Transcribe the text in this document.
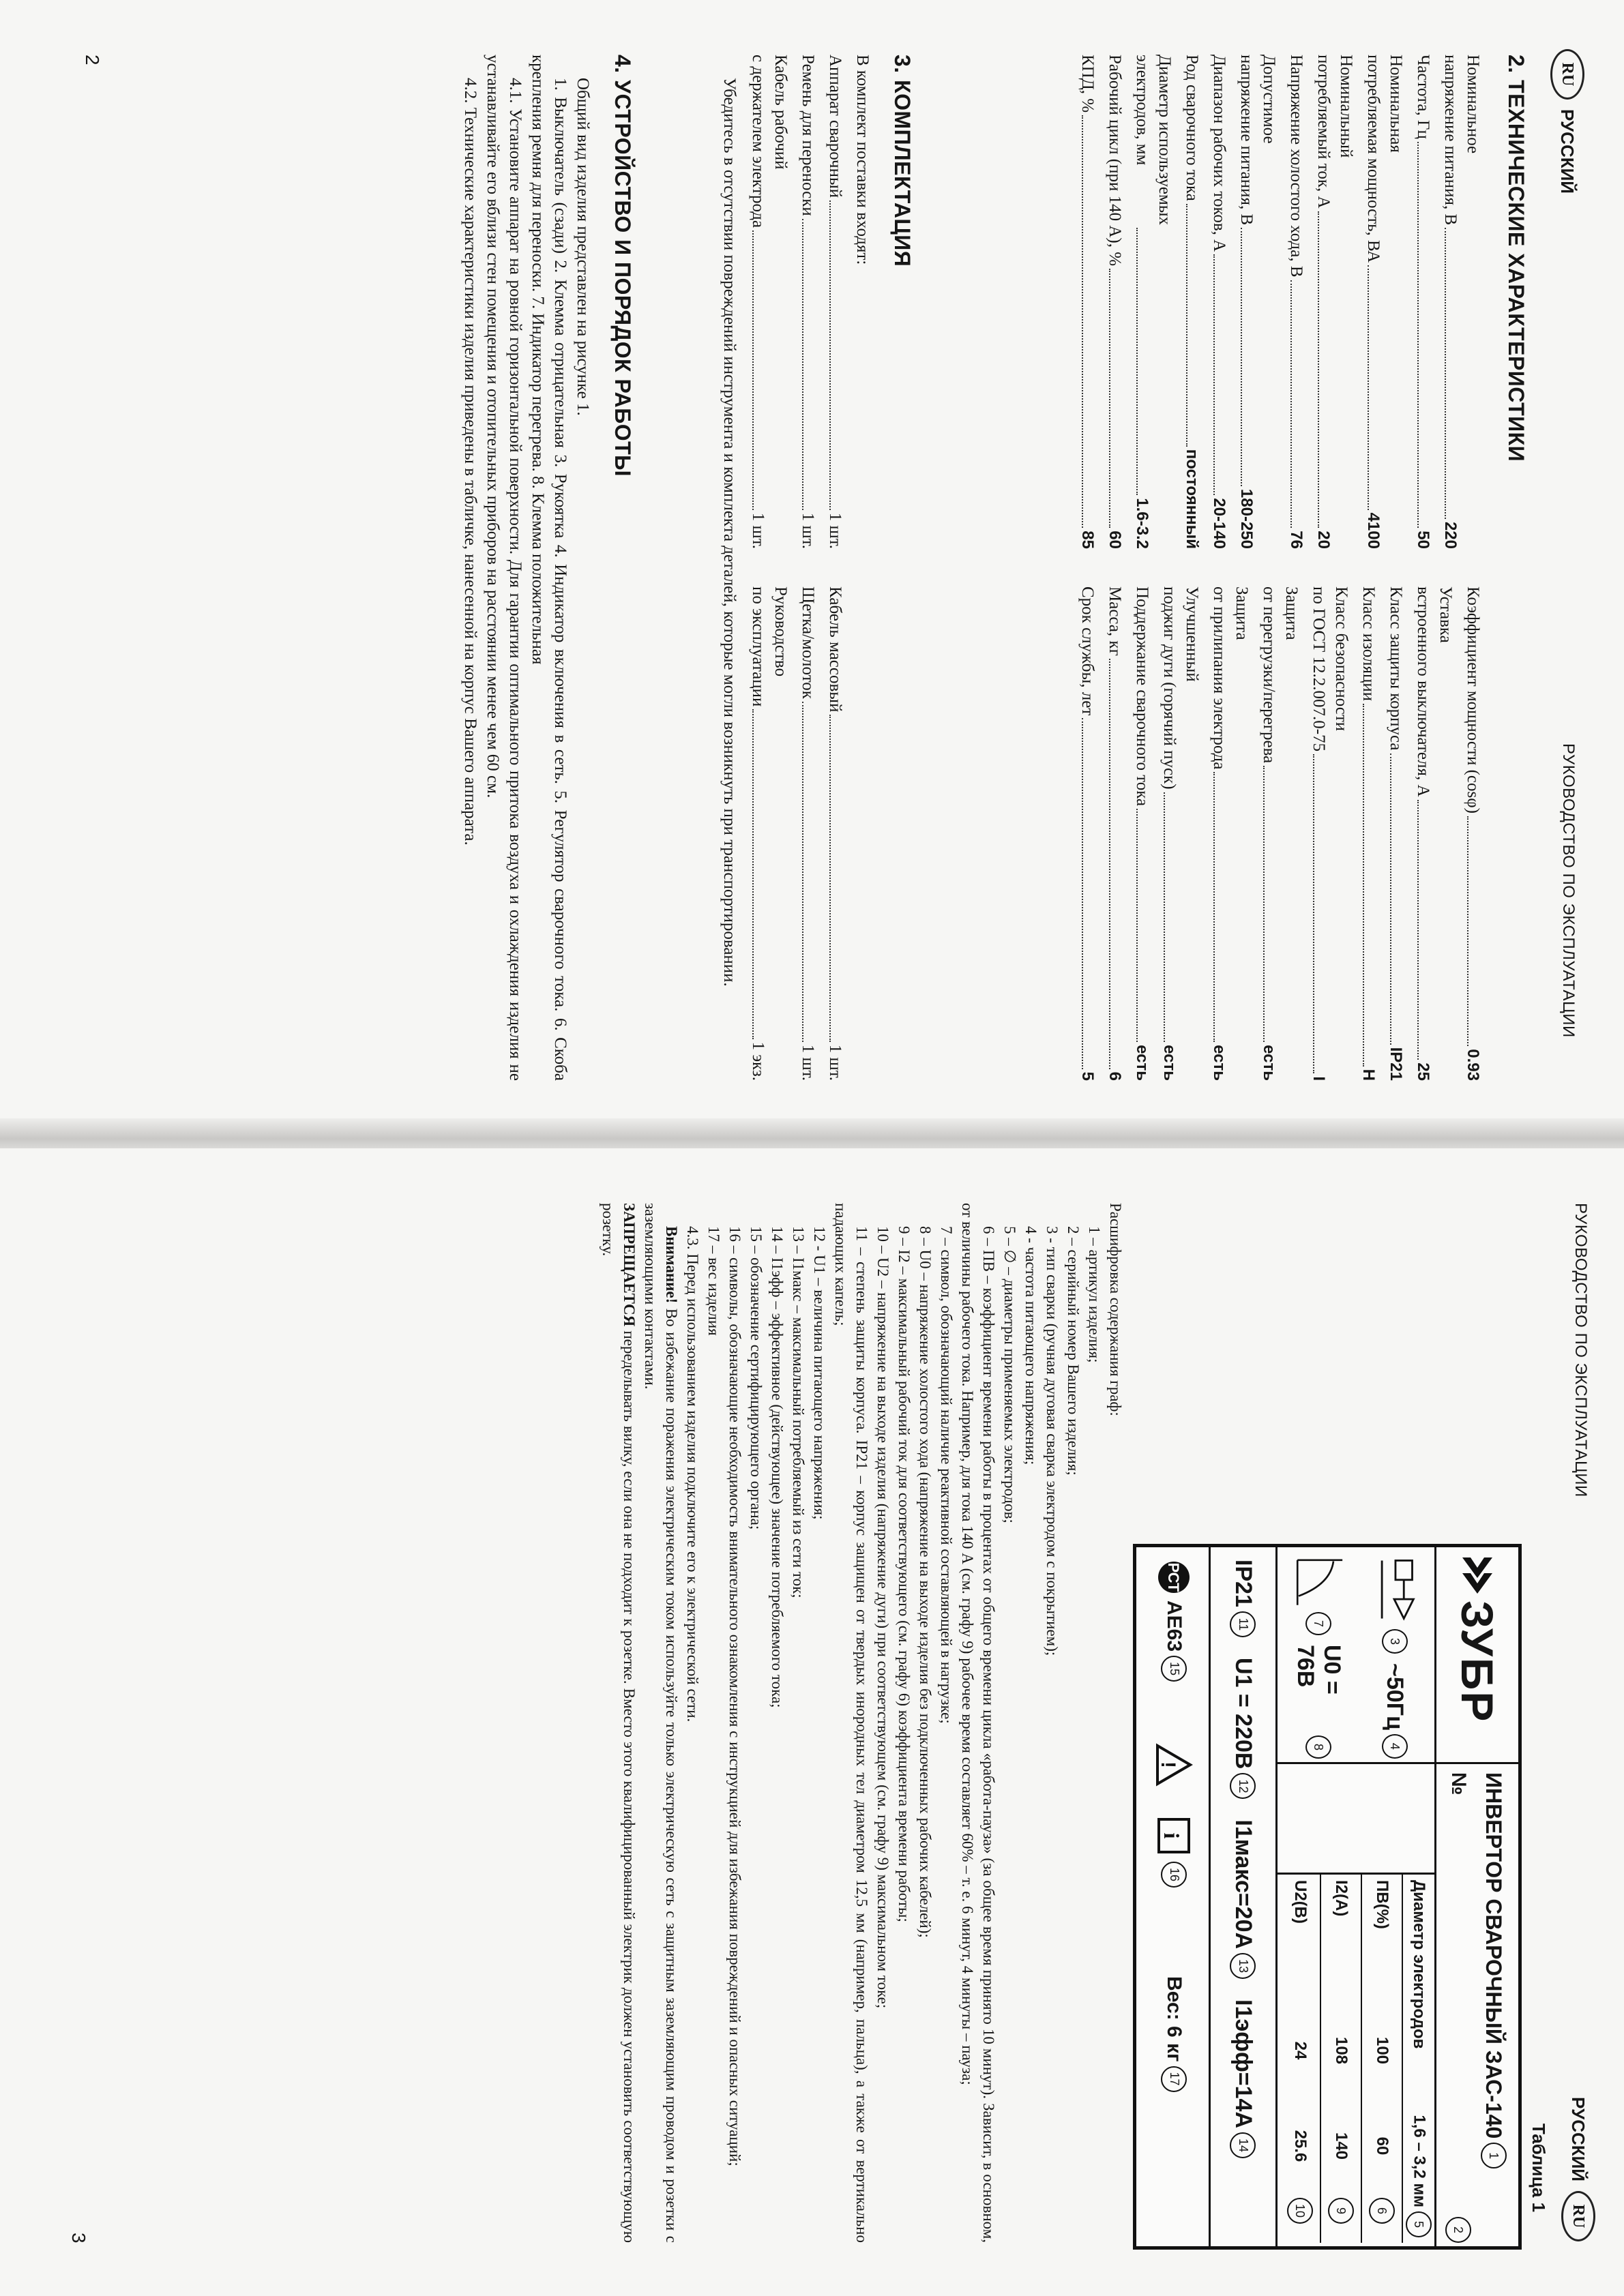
RU
РУССКИЙ
РУКОВОДСТВО ПО ЭКСПЛУАТАЦИИ
2. ТЕХНИЧЕСКИЕ ХАРАКТЕРИСТИКИ
Номинальное
напряжение питания, В
220
Частота, Гц
50
Номинальная
потребляемая мощность, ВА
4100
Номинальный
потребляемый ток, А
20
Напряжение холостого хода, В
76
Допустимое
напряжение питания, В
180-250
Диапазон рабочих токов, А
20-140
Род сварочного тока
постоянный
Диаметр используемых
электродов, мм
1.6-3.2
Рабочий цикл (при 140 А), %
60
КПД, %
85
Коэффициент мощности (cosφ)
0.93
Уставка
встроенного выключателя, А
25
Класс защиты корпуса
IP21
Класс изоляции
H
Класс безопасности
по ГОСТ 12.2.007.0-75
I
Защита
от перегрузки/перегрева
есть
Защита
от прилипания электрода
есть
Улучшенный
поджиг дуги (горячий пуск)
есть
Поддержание сварочного тока
есть
Масса, кг
6
Срок службы, лет
5
3. КОМПЛЕКТАЦИЯ
В комплект поставки входят:
Аппарат сварочный
1 шт.
Ремень для переноски
1 шт.
Кабель рабочий
с держателем электрода
1 шт.
Кабель массовый
1 шт.
Щетка/молоток
1 шт.
Руководство
по эксплуатации
1 экз.

Убедитесь в отсутствии повреждений инструмента и комплекта деталей, которые могли возникнуть при транспортировании.

4. УСТРОЙСТВО И ПОРЯДОК РАБОТЫ

Общий вид изделия представлен на рисунке 1.

1. Выключатель (сзади) 2. Клемма отрицательная 3. Рукоятка 4. Индикатор включения в сеть. 5. Регулятор сварочного тока. 6. Скоба крепления ремня для переноски. 7. Индикатор перегрева. 8. Клемма положительная

4.1. Установите аппарат на ровной горизонтальной поверхности. Для гарантии оптимального притока воздуха и охлаждения изделия не устанавливайте его вблизи стен помещения и отопительных приборов на расстоянии менее чем 60 см.

4.2. Технические характеристики изделия приведены в табличке, нанесенной на корпус Вашего аппарата.

2
РУКОВОДСТВО ПО ЭКСПЛУАТАЦИИ
РУССКИЙ
RU
Таблица 1
ЗУБР
ИНВЕРТОР СВАРОЧНЫЙ ЗАС-140
1
№
2
3
~50Гц
4
7
U0 = 76В
8
Диаметр электродов
1,6 – 3,2 мм5
ПВ(%)
100
60
6
I2(A)
108
140
9
U2(B)
24
25.6
10
IP21
11
U1 = 220В
12
I1макс=20А
13
I1эфф=14А
14
РСТ
АЕ63
15
!
i
16
Вес: 6 кг
17

Расшифровка содержания граф:

1 – артикул изделия;

2 – серийный номер Вашего изделия;

3 - тип сварки (ручная дуговая сварка электродом с покрытием);

4 - частота питающего напряжения;

5 – ∅ – диаметры применяемых электродов;

6 – ПВ – коэффициент времени работы в процентах от общего времени цикла «работа-пауза» (за общее время принято 10 минут). Зависит, в основном, от величины рабочего тока. Например, для тока 140 А (см. графу 9) рабочее время составляет 60% – т. е. 6 минут, 4 минуты – пауза;

7 – символ, обозначающий наличие реактивной составляющей в нагрузке;

8 – U0 – напряжение холостого хода (напряжение на выходе изделия без подключенных рабочих кабелей);

9 – I2 – максимальный рабочий ток для соответствующего (см. графу 6) коэффициента времени работы;

10 – U2 – напряжение на выходе изделия (напряжение дуги) при соответствующем (см. графу 9) максимальном токе;

11 – степень защиты корпуса. IP21 – корпус защищен от твердых инородных тел диаметром 12,5 мм (например, пальца), а также от вертикально падающих капель;

12 - U1 – величина питающего напряжения;

13 – I1макс – максимальный потребляемый из сети ток;

14 – I1эфф – эффективное (действующее) значение потребляемого тока;

15 – обозначение сертифицирующего органа;

16 – символы, обозначающие необходимость внимательного ознакомления с инструкцией для избежания повреждений и опасных ситуаций;

17 – вес изделия

4.3. Перед использованием изделия подключите его к электрической сети.

Внимание! Во избежание поражения электрическим током используйте только электрическую сеть с защитным заземляющим проводом и розетки с заземляющими контактами.

ЗАПРЕЩАЕТСЯ переделывать вилку, если она не подходит к розетке. Вместо этого квалифицированный электрик должен установить соответствующую розетку.

3
